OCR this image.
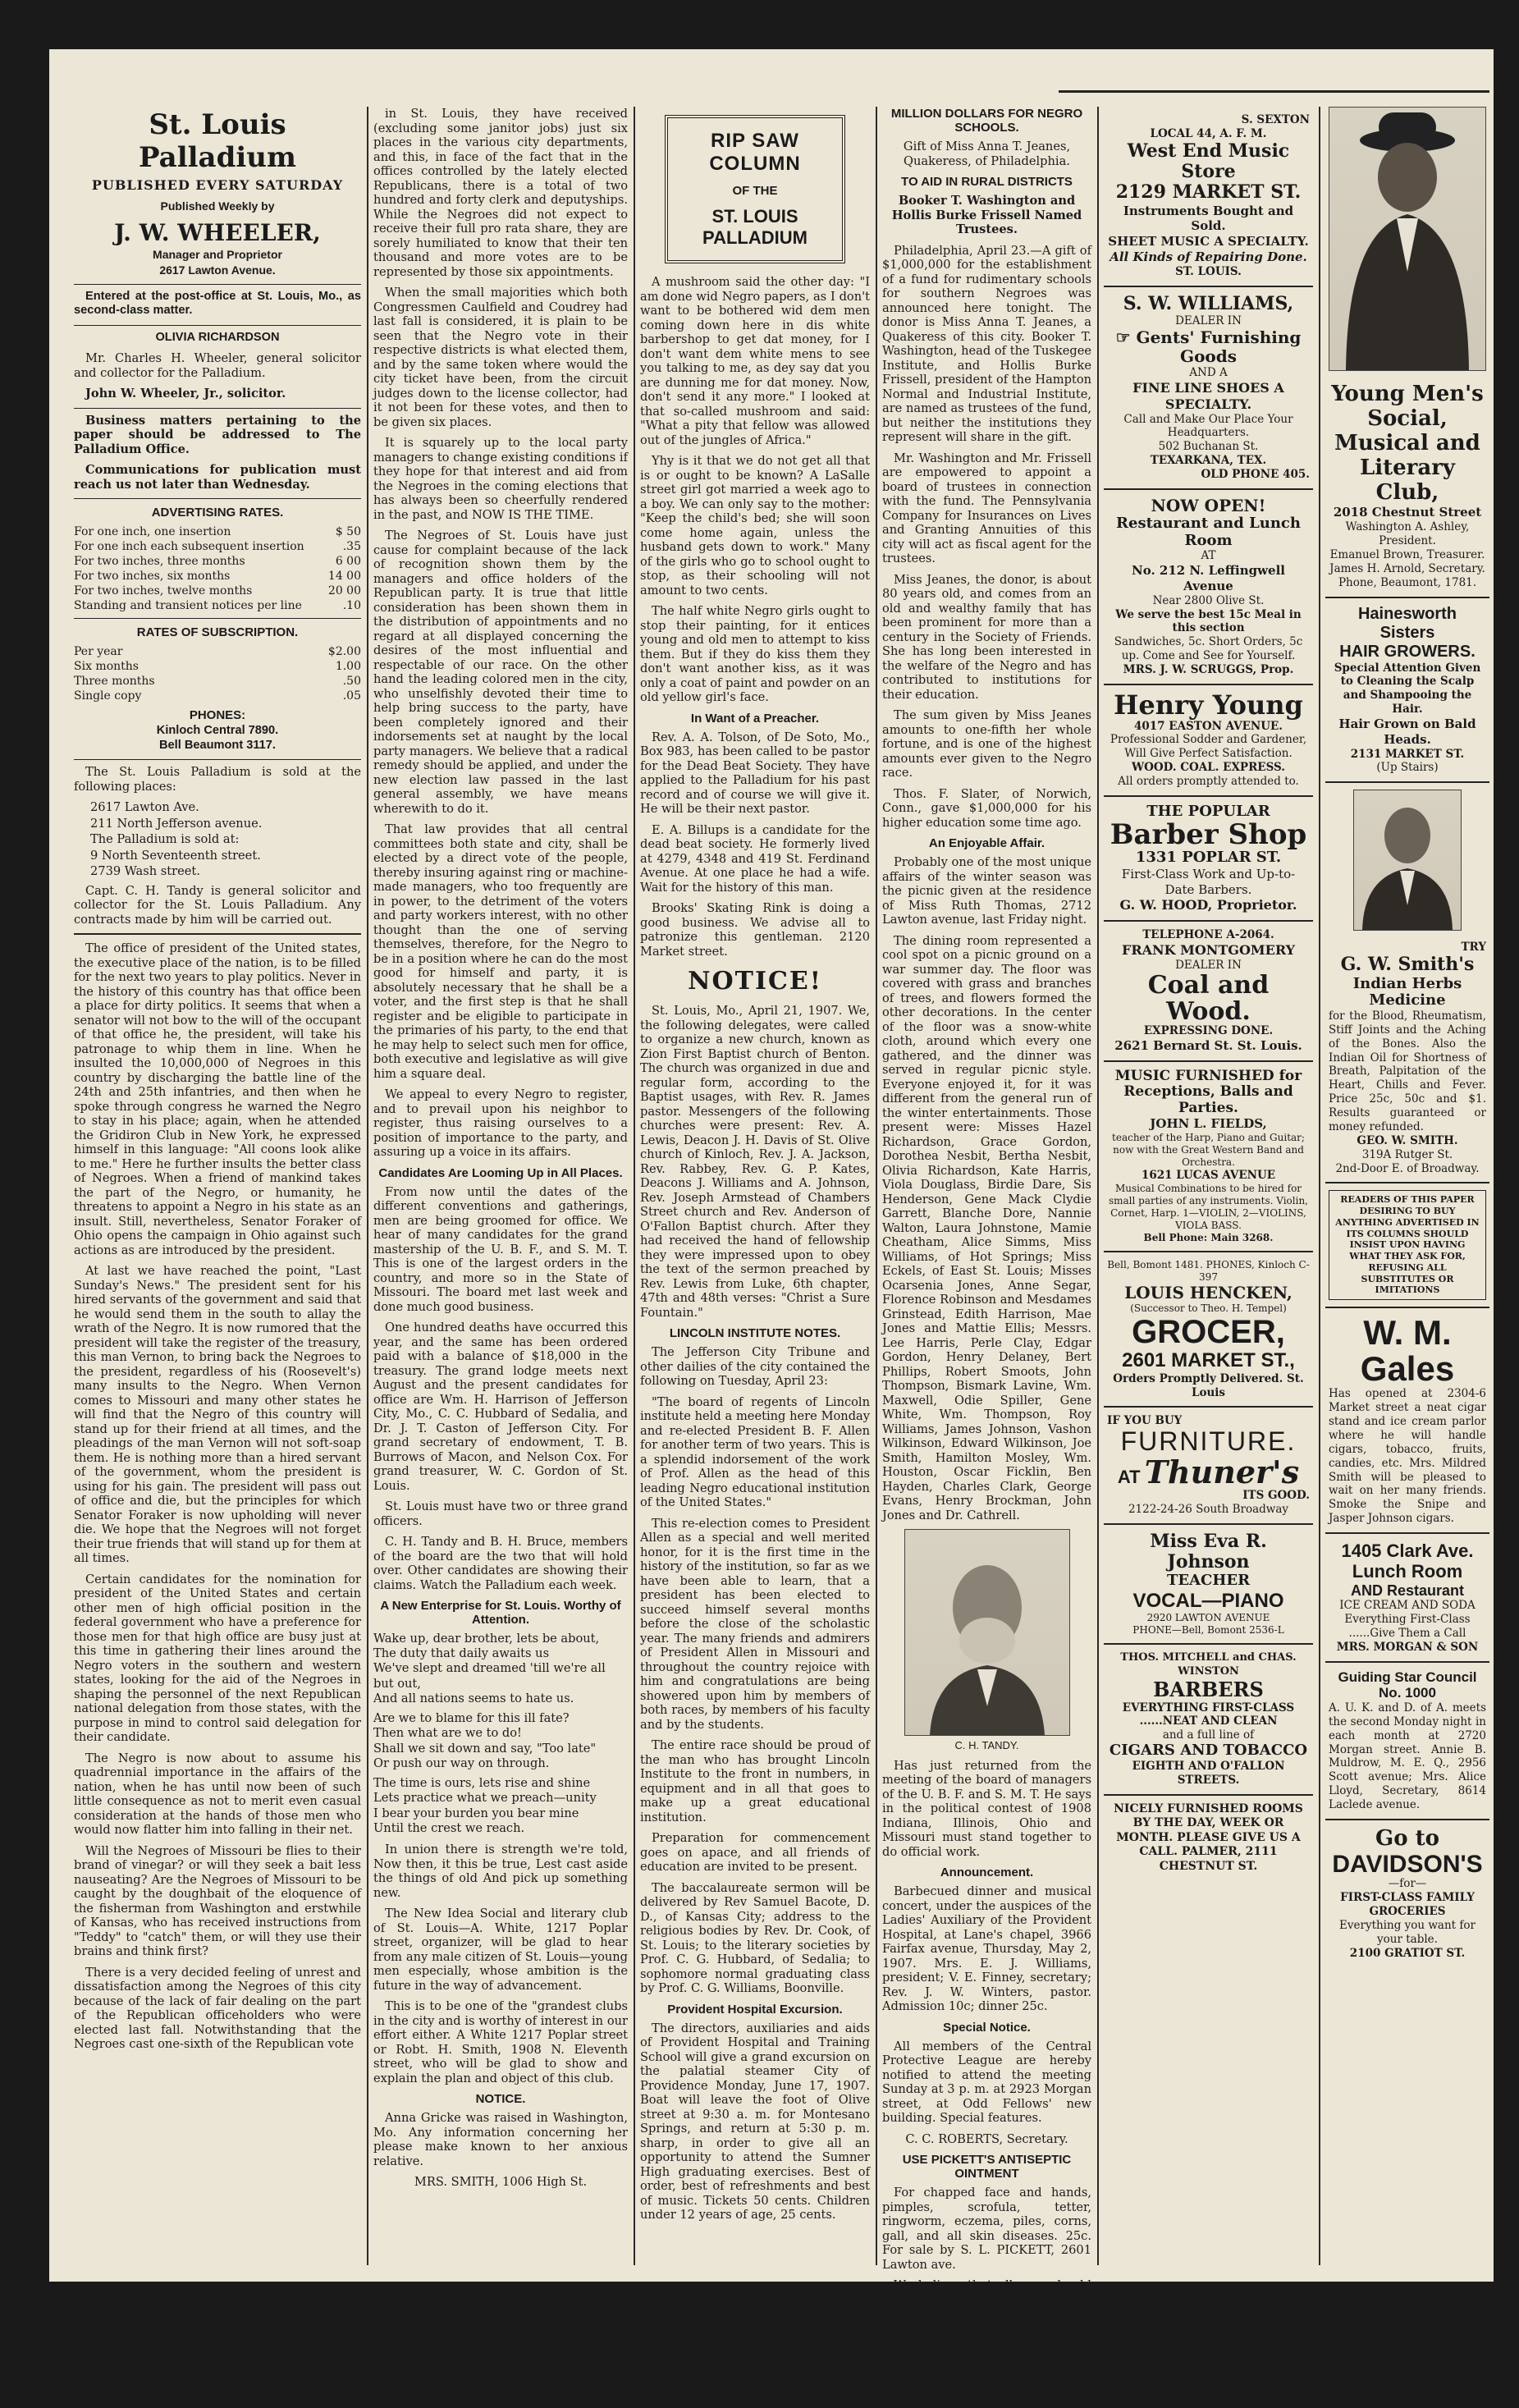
St. Louis Palladium
PUBLISHED EVERY SATURDAY

Published Weekly by

J. W. WHEELER,

Manager and Proprietor

2617 Lawton Avenue.

Entered at the post-office at St. Louis, Mo., as second-class matter.

OLIVIA RICHARDSON

Mr. Charles H. Wheeler, general solicitor and collector for the Palladium.

John W. Wheeler, Jr., solicitor.

Business matters pertaining to the paper should be addressed to The Palladium Office.

Communications for publication must reach us not later than Wednesday.

ADVERTISING RATES.
For one inch, one insertion	$ 50
For one inch each subsequent insertion	.35
For two inches, three months	6 00
For two inches, six months	14 00
For two inches, twelve months	20 00
Standing and transient notices per line	.10
RATES OF SUBSCRIPTION.
Per year	$2.00
Six months	1.00
Three months	.50
Single copy	.05
PHONES:

Kinloch Central 7890.

Bell Beaumont 3117.

The St. Louis Palladium is sold at the following places:

2617 Lawton Ave.

211 North Jefferson avenue.

The Palladium is sold at:

9 North Seventeenth street.

2739 Wash street.

Capt. C. H. Tandy is general solicitor and collector for the St. Louis Palladium. Any contracts made by him will be carried out.

The office of president of the United states, the executive place of the nation, is to be filled for the next two years to play politics. Never in the history of this country has that office been a place for dirty politics. It seems that when a senator will not bow to the will of the occupant of that office he, the president, will take his patronage to whip them in line. When he insulted the 10,000,000 of Negroes in this country by discharging the battle line of the 24th and 25th infantries, and then when he spoke through congress he warned the Negro to stay in his place; again, when he attended the Gridiron Club in New York, he expressed himself in this language: "All coons look alike to me." Here he further insults the better class of Negroes. When a friend of mankind takes the part of the Negro, or humanity, he threatens to appoint a Negro in his state as an insult. Still, nevertheless, Senator Foraker of Ohio opens the campaign in Ohio against such actions as are introduced by the president.

At last we have reached the point, "Last Sunday's News." The president sent for his hired servants of the government and said that he would send them in the south to allay the wrath of the Negro. It is now rumored that the president will take the register of the treasury, this man Vernon, to bring back the Negroes to the president, regardless of his (Roosevelt's) many insults to the Negro. When Vernon comes to Missouri and many other states he will find that the Negro of this country will stand up for their friend at all times, and the pleadings of the man Vernon will not soft-soap them. He is nothing more than a hired servant of the government, whom the president is using for his gain. The president will pass out of office and die, but the principles for which Senator Foraker is now upholding will never die. We hope that the Negroes will not forget their true friends that will stand up for them at all times.

Certain candidates for the nomination for president of the United States and certain other men of high official position in the federal government who have a preference for those men for that high office are busy just at this time in gathering their lines around the Negro voters in the southern and western states, looking for the aid of the Negroes in shaping the personnel of the next Republican national delegation from those states, with the purpose in mind to control said delegation for their candidate.

The Negro is now about to assume his quadrennial importance in the affairs of the nation, when he has until now been of such little consequence as not to merit even casual consideration at the hands of those men who would now flatter him into falling in their net.

Will the Negroes of Missouri be flies to their brand of vinegar? or will they seek a bait less nauseating? Are the Negroes of Missouri to be caught by the doughbait of the eloquence of the fisherman from Washington and erstwhile of Kansas, who has received instructions from "Teddy" to "catch" them, or will they use their brains and think first?

There is a very decided feeling of unrest and dissatisfaction among the Negroes of this city because of the lack of fair dealing on the part of the Republican officeholders who were elected last fall. Notwithstanding that the Negroes cast one-sixth of the Republican vote

in St. Louis, they have received (excluding some janitor jobs) just six places in the various city departments, and this, in face of the fact that in the offices controlled by the lately elected Republicans, there is a total of two hundred and forty clerk and deputyships. While the Negroes did not expect to receive their full pro rata share, they are sorely humiliated to know that their ten thousand and more votes are to be represented by those six appointments.

When the small majorities which both Congressmen Caulfield and Coudrey had last fall is considered, it is plain to be seen that the Negro vote in their respective districts is what elected them, and by the same token where would the city ticket have been, from the circuit judges down to the license collector, had it not been for these votes, and then to be given six places.

It is squarely up to the local party managers to change existing conditions if they hope for that interest and aid from the Negroes in the coming elections that has always been so cheerfully rendered in the past, and NOW IS THE TIME.

The Negroes of St. Louis have just cause for complaint because of the lack of recognition shown them by the managers and office holders of the Republican party. It is true that little consideration has been shown them in the distribution of appointments and no regard at all displayed concerning the desires of the most influential and respectable of our race. On the other hand the leading colored men in the city, who unselfishly devoted their time to help bring success to the party, have been completely ignored and their indorsements set at naught by the local party managers. We believe that a radical remedy should be applied, and under the new election law passed in the last general assembly, we have means wherewith to do it.

That law provides that all central committees both state and city, shall be elected by a direct vote of the people, thereby insuring against ring or machine-made managers, who too frequently are in power, to the detriment of the voters and party workers interest, with no other thought than the one of serving themselves, therefore, for the Negro to be in a position where he can do the most good for himself and party, it is absolutely necessary that he shall be a voter, and the first step is that he shall register and be eligible to participate in the primaries of his party, to the end that he may help to select such men for office, both executive and legislative as will give him a square deal.

We appeal to every Negro to register, and to prevail upon his neighbor to register, thus raising ourselves to a position of importance to the party, and assuring up a voice in its affairs.

Candidates Are Looming Up in All Places.

From now until the dates of the different conventions and gatherings, men are being groomed for office. We hear of many candidates for the grand mastership of the U. B. F., and S. M. T. This is one of the largest orders in the country, and more so in the State of Missouri. The board met last week and done much good business.

One hundred deaths have occurred this year, and the same has been ordered paid with a balance of $18,000 in the treasury. The grand lodge meets next August and the present candidates for office are Wm. H. Harrison of Jefferson City, Mo., C. C. Hubbard of Sedalia, and Dr. J. T. Caston of Jefferson City. For grand secretary of endowment, T. B. Burrows of Macon, and Nelson Cox. For grand treasurer, W. C. Gordon of St. Louis.

St. Louis must have two or three grand officers.

C. H. Tandy and B. H. Bruce, members of the board are the two that will hold over. Other candidates are showing their claims. Watch the Palladium each week.

A New Enterprise for St. Louis. Worthy of Attention.
Wake up, dear brother, lets be about,
The duty that daily awaits us
We've slept and dreamed 'till we're all but out,
And all nations seems to hate us.
Are we to blame for this ill fate?
Then what are we to do!
Shall we sit down and say, "Too late"
Or push our way on through.
The time is ours, lets rise and shine
Lets practice what we preach—unity
I bear your burden you bear mine
Until the crest we reach.

In union there is strength we're told, Now then, it this be true, Lest cast aside the things of old And pick up something new.

The New Idea Social and literary club of St. Louis—A. White, 1217 Poplar street, organizer, will be glad to hear from any male citizen of St. Louis—young men especially, whose ambition is the future in the way of advancement.

This is to be one of the "grandest clubs in the city and is worthy of interest in our effort either. A White 1217 Poplar street or Robt. H. Smith, 1908 N. Eleventh street, who will be glad to show and explain the plan and object of this club.

NOTICE.

Anna Gricke was raised in Washington, Mo. Any information concerning her please make known to her anxious relative.

MRS. SMITH, 1006 High St.

RIP SAW COLUMN
OF THE
ST. LOUIS PALLADIUM

A mushroom said the other day: "I am done wid Negro papers, as I don't want to be bothered wid dem men coming down here in dis white barbershop to get dat money, for I don't want dem white mens to see you talking to me, as dey say dat you are dunning me for dat money. Now, don't send it any more." I looked at that so-called mushroom and said: "What a pity that fellow was allowed out of the jungles of Africa."

Yhy is it that we do not get all that is or ought to be known? A LaSalle street girl got married a week ago to a boy. We can only say to the mother: "Keep the child's bed; she will soon come home again, unless the husband gets down to work." Many of the girls who go to school ought to stop, as their schooling will not amount to two cents.

The half white Negro girls ought to stop their painting, for it entices young and old men to attempt to kiss them. But if they do kiss them they don't want another kiss, as it was only a coat of paint and powder on an old yellow girl's face.

In Want of a Preacher.

Rev. A. A. Tolson, of De Soto, Mo., Box 983, has been called to be pastor for the Dead Beat Society. They have applied to the Palladium for his past record and of course we will give it. He will be their next pastor.

E. A. Billups is a candidate for the dead beat society. He formerly lived at 4279, 4348 and 419 St. Ferdinand Avenue. At one place he had a wife. Wait for the history of this man.

Brooks' Skating Rink is doing a good business. We advise all to patronize this gentleman. 2120 Market street.

NOTICE!

St. Louis, Mo., April 21, 1907. We, the following delegates, were called to organize a new church, known as Zion First Baptist church of Benton. The church was organized in due and regular form, according to the Baptist usages, with Rev. R. James pastor. Messengers of the following churches were present: Rev. A. Lewis, Deacon J. H. Davis of St. Olive church of Kinloch, Rev. J. A. Jackson, Rev. Rabbey, Rev. G. P. Kates, Deacons J. Williams and A. Johnson, Rev. Joseph Armstead of Chambers Street church and Rev. Anderson of O'Fallon Baptist church. After they had received the hand of fellowship they were impressed upon to obey the text of the sermon preached by Rev. Lewis from Luke, 6th chapter, 47th and 48th verses: "Christ a Sure Fountain."

LINCOLN INSTITUTE NOTES.

The Jefferson City Tribune and other dailies of the city contained the following on Tuesday, April 23:

"The board of regents of Lincoln institute held a meeting here Monday and re-elected President B. F. Allen for another term of two years. This is a splendid indorsement of the work of Prof. Allen as the head of this leading Negro educational institution of the United States."

This re-election comes to President Allen as a special and well merited honor, for it is the first time in the history of the institution, so far as we have been able to learn, that a president has been elected to succeed himself several months before the close of the scholastic year. The many friends and admirers of President Allen in Missouri and throughout the country rejoice with him and congratulations are being showered upon him by members of both races, by members of his faculty and by the students.

The entire race should be proud of the man who has brought Lincoln Institute to the front in numbers, in equipment and in all that goes to make up a great educational institution.

Preparation for commencement goes on apace, and all friends of education are invited to be present.

The baccalaureate sermon will be delivered by Rev Samuel Bacote, D. D., of Kansas City; address to the religious bodies by Rev. Dr. Cook, of St. Louis; to the literary societies by Prof. C. G. Hubbard, of Sedalia; to sophomore normal graduating class by Prof. C. G. Williams, Boonville.

Provident Hospital Excursion.

The directors, auxiliaries and aids of Provident Hospital and Training School will give a grand excursion on the palatial steamer City of Providence Monday, June 17, 1907. Boat will leave the foot of Olive street at 9:30 a. m. for Montesano Springs, and return at 5:30 p. m. sharp, in order to give all an opportunity to attend the Sumner High graduating exercises. Best of order, best of refreshments and best of music. Tickets 50 cents. Children under 12 years of age, 25 cents.

MILLION DOLLARS FOR NEGRO SCHOOLS.

Gift of Miss Anna T. Jeanes, Quakeress, of Philadelphia.

TO AID IN RURAL DISTRICTS

Booker T. Washington and Hollis Burke Frissell Named Trustees.

Philadelphia, April 23.—A gift of $1,000,000 for the establishment of a fund for rudimentary schools for southern Negroes was announced here tonight. The donor is Miss Anna T. Jeanes, a Quakeress of this city. Booker T. Washington, head of the Tuskegee Institute, and Hollis Burke Frissell, president of the Hampton Normal and Industrial Institute, are named as trustees of the fund, but neither the institutions they represent will share in the gift.

Mr. Washington and Mr. Frissell are empowered to appoint a board of trustees in connection with the fund. The Pennsylvania Company for Insurances on Lives and Granting Annuities of this city will act as fiscal agent for the trustees.

Miss Jeanes, the donor, is about 80 years old, and comes from an old and wealthy family that has been prominent for more than a century in the Society of Friends. She has long been interested in the welfare of the Negro and has contributed to institutions for their education.

The sum given by Miss Jeanes amounts to one-fifth her whole fortune, and is one of the highest amounts ever given to the Negro race.

Thos. F. Slater, of Norwich, Conn., gave $1,000,000 for his higher education some time ago.

An Enjoyable Affair.

Probably one of the most unique affairs of the winter season was the picnic given at the residence of Miss Ruth Thomas, 2712 Lawton avenue, last Friday night.

The dining room represented a cool spot on a picnic ground on a war summer day. The floor was covered with grass and branches of trees, and flowers formed the other decorations. In the center of the floor was a snow-white cloth, around which every one gathered, and the dinner was served in regular picnic style. Everyone enjoyed it, for it was different from the general run of the winter entertainments. Those present were: Misses Hazel Richardson, Grace Gordon, Dorothea Nesbit, Bertha Nesbit, Olivia Richardson, Kate Harris, Viola Douglass, Birdie Dare, Sis Henderson, Gene Mack Clydie Garrett, Blanche Dore, Nannie Walton, Laura Johnstone, Mamie Cheatham, Alice Simms, Miss Williams, of Hot Springs; Miss Eckels, of East St. Louis; Misses Ocarsenia Jones, Anne Segar, Florence Robinson and Mesdames Grinstead, Edith Harrison, Mae Jones and Mattie Ellis; Messrs. Lee Harris, Perle Clay, Edgar Gordon, Henry Delaney, Bert Phillips, Robert Smoots, John Thompson, Bismark Lavine, Wm. Maxwell, Odie Spiller, Gene White, Wm. Thompson, Roy Williams, James Johnson, Vashon Wilkinson, Edward Wilkinson, Joe Smith, Hamilton Mosley, Wm. Houston, Oscar Ficklin, Ben Hayden, Charles Clark, George Evans, Henry Brockman, John Jones and Dr. Cathrell.

C. H. TANDY.

Has just returned from the meeting of the board of managers of the U. B. F. and S. M. T. He says in the political contest of 1908 Indiana, Illinois, Ohio and Missouri must stand together to do official work.

Announcement.

Barbecued dinner and musical concert, under the auspices of the Ladies' Auxiliary of the Provident Hospital, at Lane's chapel, 3966 Fairfax avenue, Thursday, May 2, 1907. Mrs. E. J. Williams, president; V. E. Finney, secretary; Rev. J. W. Winters, pastor. Admission 10c; dinner 25c.

Special Notice.

All members of the Central Protective League are hereby notified to attend the meeting Sunday at 3 p. m. at 2923 Morgan street, at Odd Fellows' new building. Special features.

C. C. ROBERTS, Secretary.

USE PICKETT'S ANTISEPTIC OINTMENT

For chapped face and hands, pimples, scrofula, tetter, ringworm, eczema, piles, corns, gall, and all skin diseases. 25c. For sale by S. L. PICKETT, 2601 Lawton ave.

We believe that all men should travel on their own merits and not attempt to steal the good name of another. The only Sam "The Tailor" is at 204 N. 14th street. Has no branch stores. Any one that has you such a sign, is a counterfeit of the deepest dye. Look out for these fakers.

S. SEXTON
LOCAL 44, A. F. M.
West End Music Store
2129 MARKET ST.
Instruments Bought and Sold.
SHEET MUSIC A SPECIALTY.
All Kinds of Repairing Done.
ST. LOUIS.
S. W. WILLIAMS,
DEALER IN
☞ Gents' Furnishing Goods
AND A
FINE LINE SHOES A SPECIALTY.
Call and Make Our Place Your Headquarters.
502 Buchanan St.
TEXARKANA, TEX.
OLD PHONE 405.
NOW OPEN!
Restaurant and Lunch Room
AT
No. 212 N. Leffingwell Avenue
Near 2800 Olive St.
We serve the best 15c Meal in this section
Sandwiches, 5c. Short Orders, 5c up. Come and See for Yourself.
MRS. J. W. SCRUGGS, Prop.
Henry Young
4017 EASTON AVENUE.
Professional Sodder and Gardener, Will Give Perfect Satisfaction.
WOOD. COAL. EXPRESS.
All orders promptly attended to.
THE POPULAR
Barber Shop
1331 POPLAR ST.
First-Class Work and Up-to-Date Barbers.
G. W. HOOD, Proprietor.
TELEPHONE A-2064.
FRANK MONTGOMERY
DEALER IN
Coal and Wood.
EXPRESSING DONE.
2621 Bernard St. St. Louis.
MUSIC FURNISHED for Receptions, Balls and Parties.
JOHN L. FIELDS,
teacher of the Harp, Piano and Guitar; now with the Great Western Band and Orchestra.
1621 LUCAS AVENUE
Musical Combinations to be hired for small parties of any instruments. Violin, Cornet, Harp. 1—VIOLIN, 2—VIOLINS, VIOLA BASS.
Bell Phone: Main 3268.
Bell, Bomont 1481. PHONES, Kinloch C-397
LOUIS HENCKEN,
(Successor to Theo. H. Tempel)
GROCER,
2601 MARKET ST.,
Orders Promptly Delivered. St. Louis
IF YOU BUY
FURNITURE.
AT Thuner's
ITS GOOD.
2122-24-26 South Broadway
Miss Eva R. Johnson
TEACHER
VOCAL—PIANO
2920 LAWTON AVENUE
PHONE—Bell, Bomont 2536-L
THOS. MITCHELL and CHAS. WINSTON
BARBERS
EVERYTHING FIRST-CLASS
......NEAT AND CLEAN
and a full line of
CIGARS AND TOBACCO
EIGHTH AND O'FALLON STREETS.
NICELY FURNISHED ROOMS BY THE DAY, WEEK OR MONTH. PLEASE GIVE US A CALL. PALMER, 2111 CHESTNUT ST.
Young Men's Social, Musical and Literary Club,
2018 Chestnut Street
Washington A. Ashley, President.
Emanuel Brown, Treasurer.
James H. Arnold, Secretary.
Phone, Beaumont, 1781.
Hainesworth Sisters
HAIR GROWERS.
Special Attention Given to Cleaning the Scalp and Shampooing the Hair.
Hair Grown on Bald Heads.
2131 MARKET ST.
(Up Stairs)
TRY
G. W. Smith's
Indian Herbs Medicine
for the Blood, Rheumatism, Stiff Joints and the Aching of the Bones. Also the Indian Oil for Shortness of Breath, Palpitation of the Heart, Chills and Fever. Price 25c, 50c and $1. Results guaranteed or money refunded.
GEO. W. SMITH.
319A Rutger St.
2nd-Door E. of Broadway.
READERS OF THIS PAPER DESIRING TO BUY ANYTHING ADVERTISED IN ITS COLUMNS SHOULD INSIST UPON HAVING WHAT THEY ASK FOR, REFUSING ALL SUBSTITUTES OR IMITATIONS
W. M. Gales
Has opened at 2304-6 Market street a neat cigar stand and ice cream parlor where he will handle cigars, tobacco, fruits, candies, etc. Mrs. Mildred Smith will be pleased to wait on her many friends. Smoke the Snipe and Jasper Johnson cigars.
1405 Clark Ave.
Lunch Room
AND Restaurant
ICE CREAM AND SODA
Everything First-Class
......Give Them a Call
MRS. MORGAN & SON
Guiding Star Council
No. 1000
A. U. K. and D. of A. meets the second Monday night in each month at 2720 Morgan street. Annie B. Muldrow, M. E. Q., 2956 Scott avenue; Mrs. Alice Lloyd, Secretary, 8614 Laclede avenue.
Go to
DAVIDSON'S
—for—
FIRST-CLASS FAMILY GROCERIES
Everything you want for your table.
2100 GRATIOT ST.
